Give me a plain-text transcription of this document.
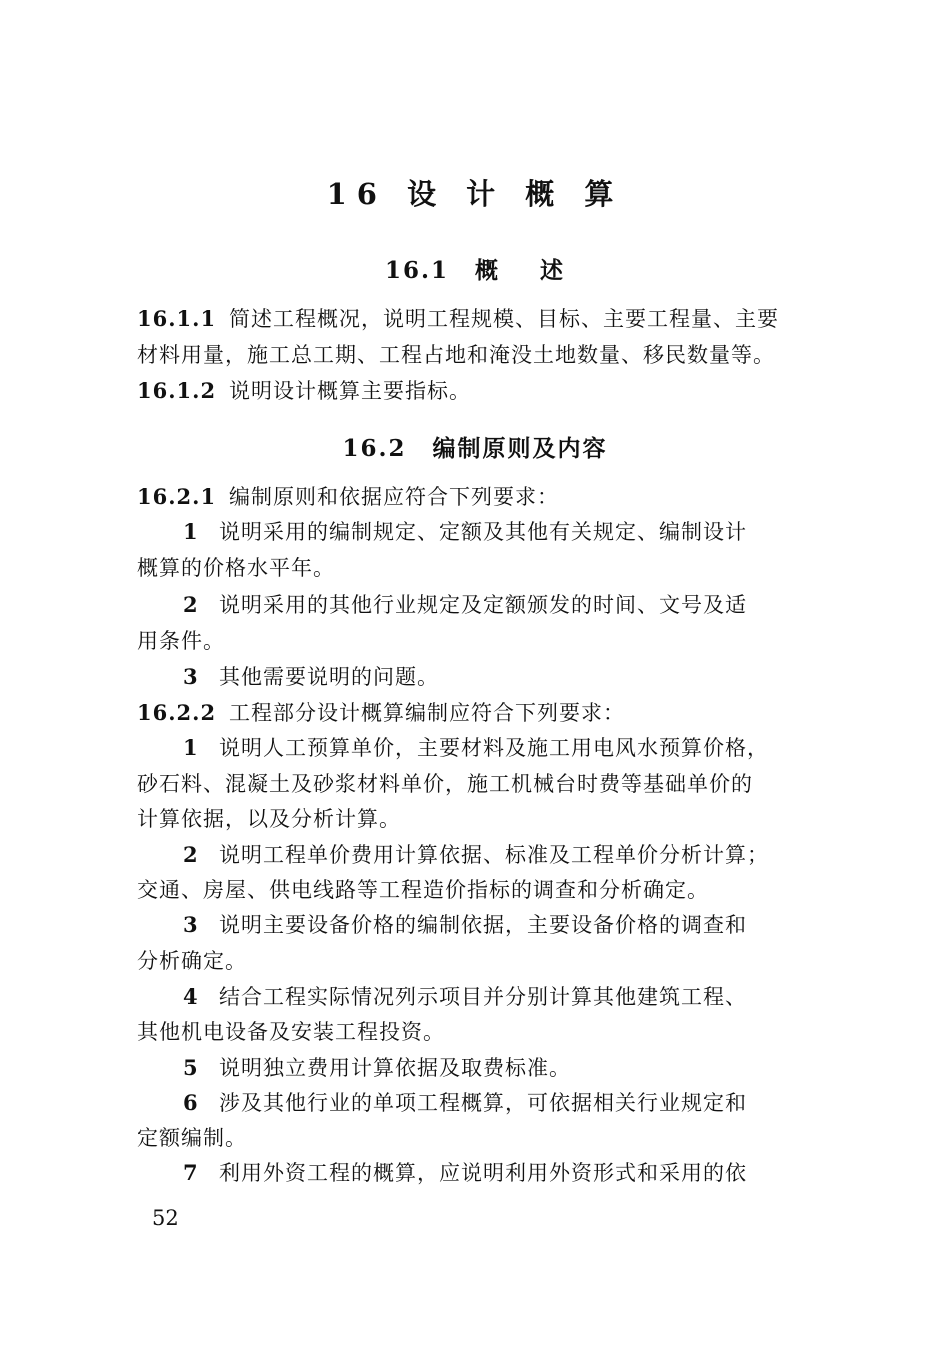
16 设 计 概 算
16.1 概    述
16.1.1 简述工程概况，说明工程规模、目标、主要工程量、主要
材料用量，施工总工期、工程占地和淹没土地数量、移民数量等。
16.1.2 说明设计概算主要指标。
16.2 编制原则及内容
16.2.1 编制原则和依据应符合下列要求：
1 说明采用的编制规定、定额及其他有关规定、编制设计
概算的价格水平年。
2 说明采用的其他行业规定及定额颁发的时间、文号及适
用条件。
3 其他需要说明的问题。
16.2.2 工程部分设计概算编制应符合下列要求：
1 说明人工预算单价，主要材料及施工用电风水预算价格，
砂石料、混凝土及砂浆材料单价，施工机械台时费等基础单价的
计算依据，以及分析计算。
2 说明工程单价费用计算依据、标准及工程单价分析计算；
交通、房屋、供电线路等工程造价指标的调查和分析确定。
3 说明主要设备价格的编制依据，主要设备价格的调查和
分析确定。
4 结合工程实际情况列示项目并分别计算其他建筑工程、
其他机电设备及安装工程投资。
5 说明独立费用计算依据及取费标准。
6 涉及其他行业的单项工程概算，可依据相关行业规定和
定额编制。
7 利用外资工程的概算，应说明利用外资形式和采用的依
52
